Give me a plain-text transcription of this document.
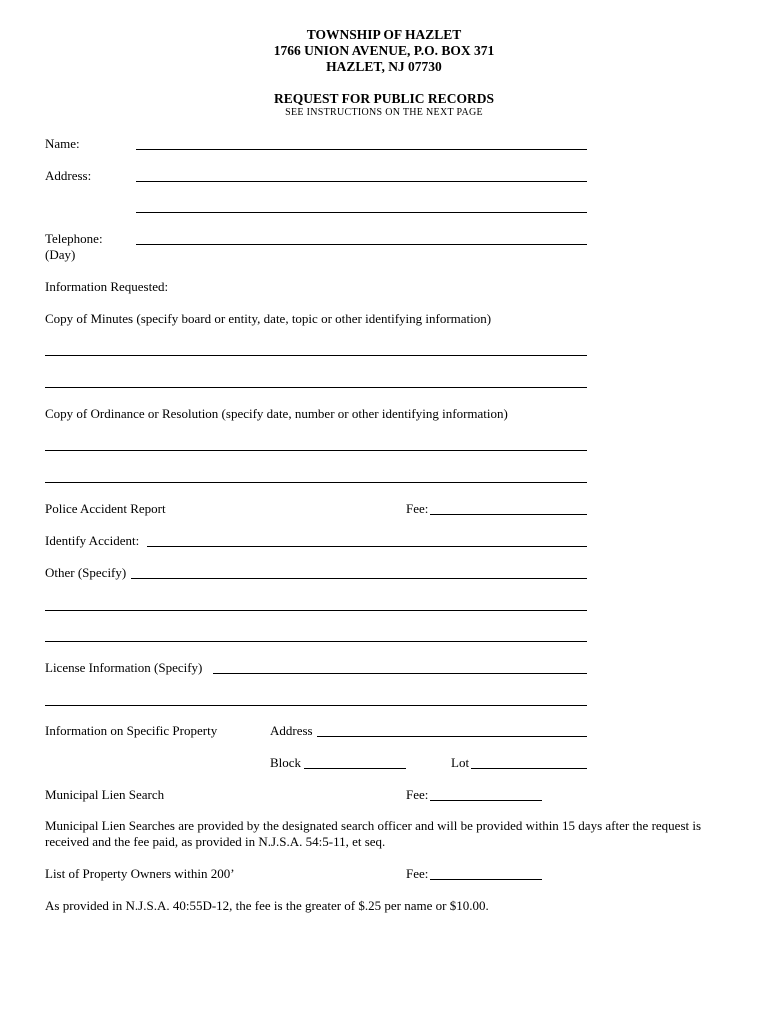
TOWNSHIP OF HAZLET
1766 UNION AVENUE, P.O. BOX 371
HAZLET, NJ 07730
REQUEST FOR PUBLIC RECORDS
SEE INSTRUCTIONS ON THE NEXT PAGE
Name:
Address:
Telephone:
(Day)
Information Requested:
Copy of Minutes (specify board or entity, date, topic or other identifying information)
Copy of Ordinance or Resolution (specify date, number or other identifying information)
Police Accident Report	Fee:
Identify Accident:
Other (Specify)
License Information (Specify)
Information on Specific Property	Address
Block	Lot
Municipal Lien Search	Fee:
Municipal Lien Searches are provided by the designated search officer and will be provided within 15 days after the request is received and the fee paid, as provided in N.J.S.A. 54:5-11, et seq.
List of Property Owners within 200’	Fee:
As provided in N.J.S.A. 40:55D-12, the fee is the greater of $.25 per name or $10.00.
